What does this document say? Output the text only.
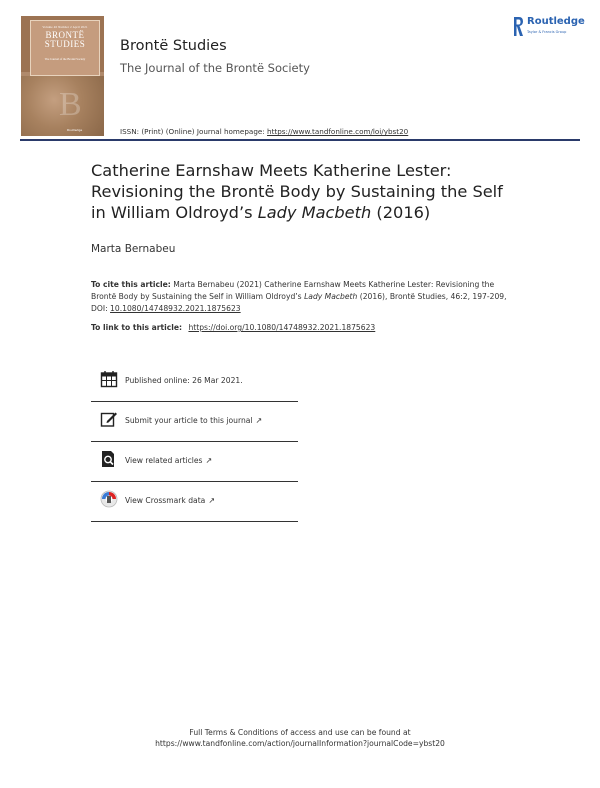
Volume 46 Number 2 April 2021
BRONTË
STUDIES
The Journal of the Brontë Society
B
Routledge
Brontë Studies
The Journal of the Brontë Society
Routledge
Taylor & Francis Group
ISSN: (Print) (Online) Journal homepage: https://www.tandfonline.com/loi/ybst20
Catherine Earnshaw Meets Katherine Lester:
Revisioning the Brontë Body by Sustaining the Self
in William Oldroyd’s Lady Macbeth (2016)
Marta Bernabeu
To cite this article: Marta Bernabeu (2021) Catherine Earnshaw Meets Katherine Lester: Revisioning the Brontë Body by Sustaining the Self in William Oldroyd’s Lady Macbeth (2016), Brontë Studies, 46:2, 197-209, DOI: 10.1080/14748932.2021.1875623
To link to this article: https://doi.org/10.1080/14748932.2021.1875623
Published online: 26 Mar 2021.
Submit your article to this journal ↗
View related articles ↗
View Crossmark data ↗
Full Terms & Conditions of access and use can be found at
https://www.tandfonline.com/action/journalInformation?journalCode=ybst20
